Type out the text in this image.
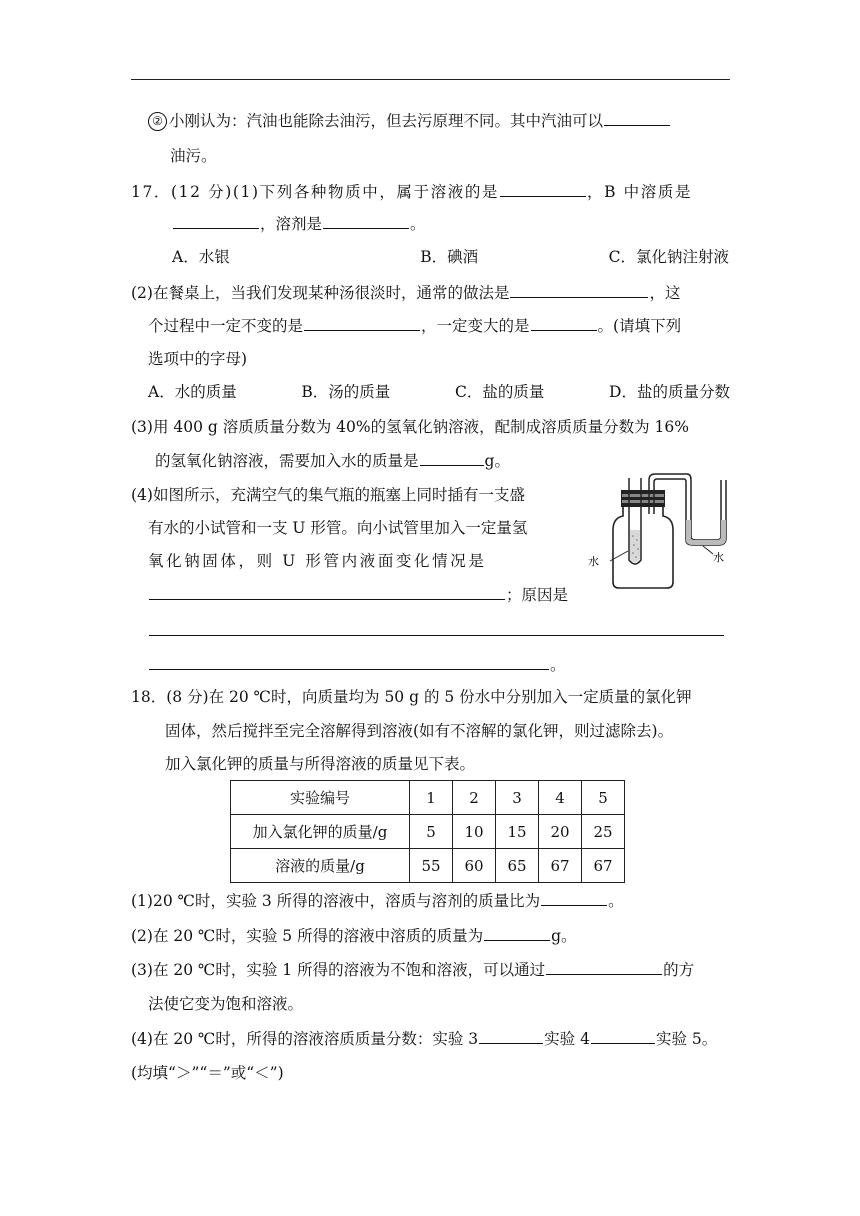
② 小刚认为：汽油也能除去油污，但去污原理不同。其中汽油可以
油污。
17．(12 分)(1)下列各种物质中，属于溶液的是	，B 中溶质是
，溶剂是	。
A．水银	B．碘酒	C．氯化钠注射液
(2)在餐桌上，当我们发现某种汤很淡时，通常的做法是	，这
个过程中一定不变的是	，一定变大的是	。(请填下列
选项中的字母)
A．水的质量	B．汤的质量	C．盐的质量	D．盐的质量分数
(3)用 400 g 溶质质量分数为 40%的氢氧化钠溶液，配制成溶质质量分数为 16%
的氢氧化钠溶液，需要加入水的质量是	g。
(4)如图所示，充满空气的集气瓶的瓶塞上同时插有一支盛
有水的小试管和一支 U 形管。向小试管里加入一定量氢
氧化钠固体，则 U 形管内液面变化情况是
；原因是
。
水	水
18．(8 分)在 20 ℃时，向质量均为 50 g 的 5 份水中分别加入一定质量的氯化钾
固体，然后搅拌至完全溶解得到溶液(如有不溶解的氯化钾，则过滤除去)。
加入氯化钾的质量与所得溶液的质量见下表。
实验编号	1	2	3	4	5
加入氯化钾的质量/g	5	10	15	20	25
溶液的质量/g	55	60	65	67	67
(1)20 ℃时，实验 3 所得的溶液中，溶质与溶剂的质量比为	。
(2)在 20 ℃时，实验 5 所得的溶液中溶质的质量为	g。
(3)在 20 ℃时，实验 1 所得的溶液为不饱和溶液，可以通过	的方
法使它变为饱和溶液。
(4)在 20 ℃时，所得的溶液溶质质量分数：实验 3	实验 4	实验 5。
(均填“＞”“＝”或“＜”)
